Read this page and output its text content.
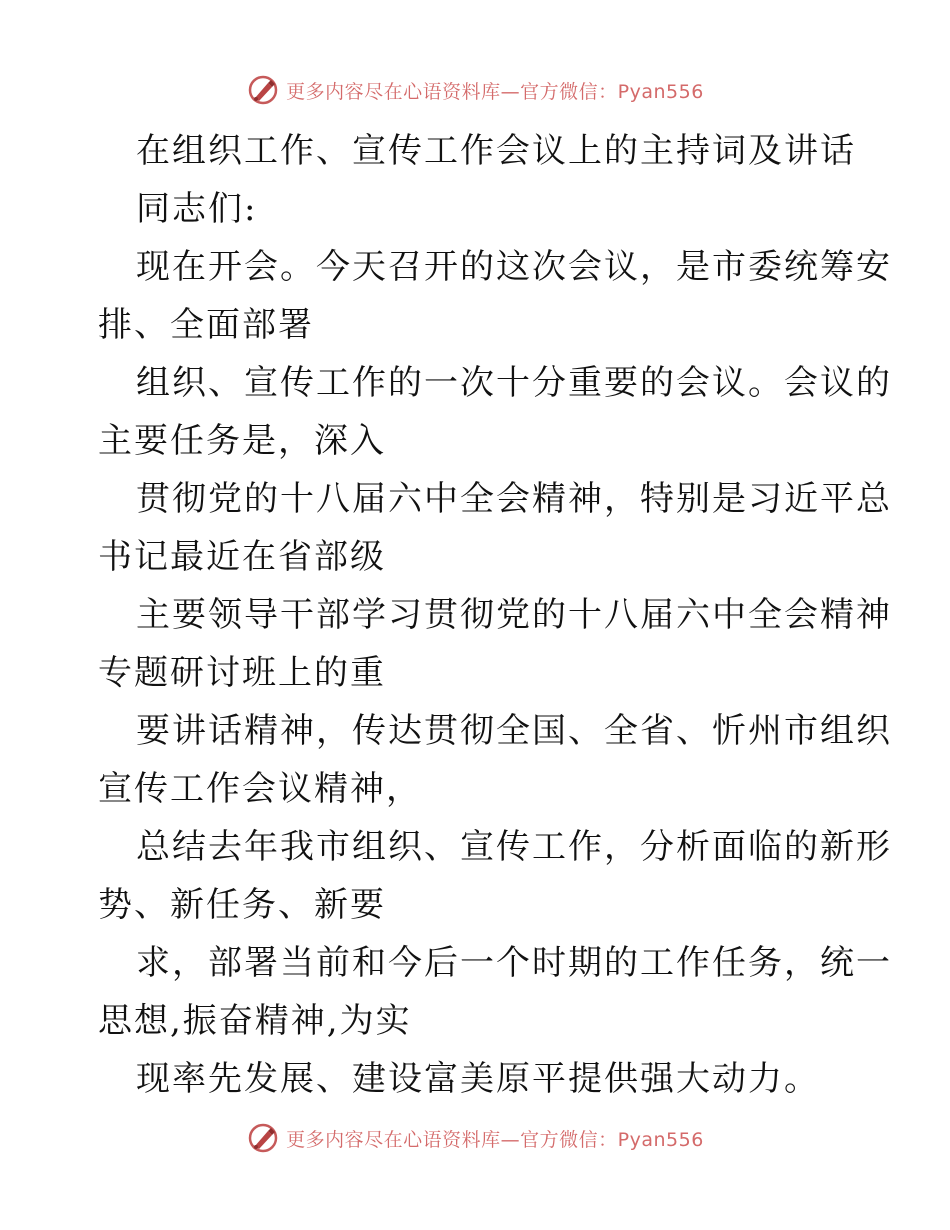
更多内容尽在心语资料库—官方微信：Pyan556
在组织工作、宣传工作会议上的主持词及讲话
同志们:
现在开会。今天召开的这次会议，是市委统筹安
排、全面部署
组织、宣传工作的一次十分重要的会议。会议的
主要任务是，深入
贯彻党的十八届六中全会精神，特别是习近平总
书记最近在省部级
主要领导干部学习贯彻党的十八届六中全会精神
专题研讨班上的重
要讲话精神，传达贯彻全国、全省、忻州市组织
宣传工作会议精神，
总结去年我市组织、宣传工作，分析面临的新形
势、新任务、新要
求，部署当前和今后一个时期的工作任务，统一
思想,振奋精神,为实
现率先发展、建设富美原平提供强大动力。
更多内容尽在心语资料库—官方微信：Pyan556
